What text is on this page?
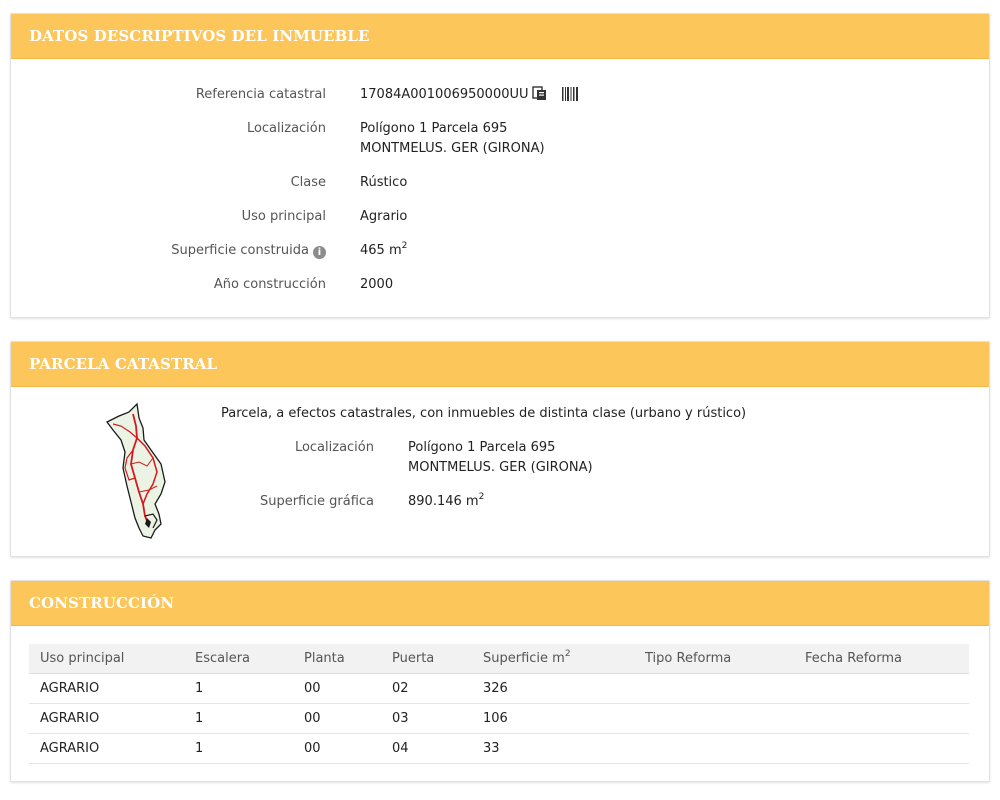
DATOS DESCRIPTIVOS DEL INMUEBLE
Referencia catastral	17084A001006950000UU
Localización	Polígono 1 Parcela 695
MONTMELUS. GER (GIRONA)
Clase	Rústico
Uso principal	Agrario
Superficie construida i	465 $m^2$
Año construcción	2000
PARCELA CATASTRAL
Parcela, a efectos catastrales, con inmuebles de distinta clase (urbano y rústico)
Localización	Polígono 1 Parcela 695
MONTMELUS. GER (GIRONA)
Superficie gráfica	890.146 $m^2$
CONSTRUCCIÓN
Uso principal	Escalera	Planta	Puerta	Superficie $m^2$	Tipo Reforma	Fecha Reforma
AGRARIO	1	00	02	326		
AGRARIO	1	00	03	106		
AGRARIO	1	00	04	33		
